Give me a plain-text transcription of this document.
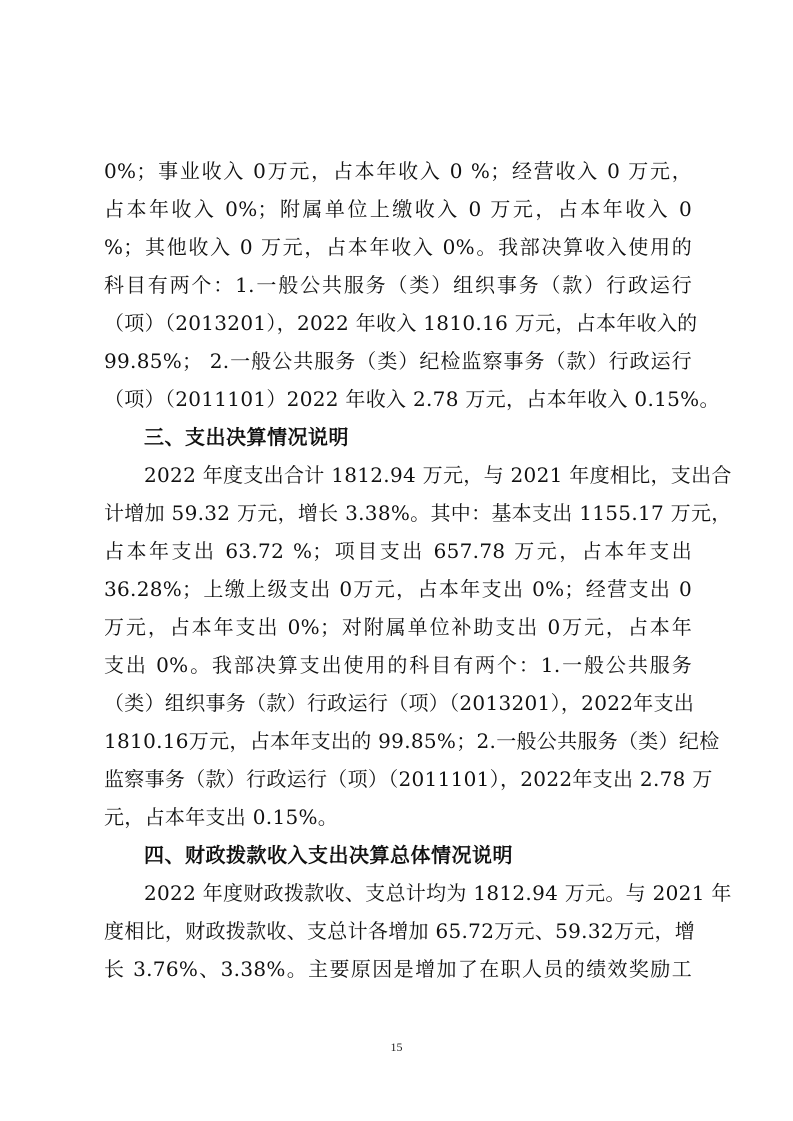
0%；事业收入 0万元，占本年收入 0 %；经营收入 0 万元，
占本年收入 0%；附属单位上缴收入 0 万元，占本年收入 0
%；其他收入 0 万元，占本年收入 0%。我部决算收入使用的
科目有两个：1.一般公共服务（类）组织事务（款）行政运行
（项）（2013201），2022 年收入 1810.16 万元，占本年收入的
99.85%； 2.一般公共服务（类）纪检监察事务（款）行政运行
（项）（2011101）2022 年收入 2.78 万元，占本年收入 0.15%。
三、支出决算情况说明
2022 年度支出合计 1812.94 万元，与 2021 年度相比，支出合
计增加 59.32 万元，增长 3.38%。其中：基本支出 1155.17 万元，
占本年支出 63.72 %；项目支出 657.78 万元，占本年支出
36.28%；上缴上级支出 0万元，占本年支出 0%；经营支出 0
万元，占本年支出 0%；对附属单位补助支出 0万元，占本年
支出 0%。我部决算支出使用的科目有两个：1.一般公共服务
（类）组织事务（款）行政运行（项）（2013201），2022年支出
1810.16万元，占本年支出的 99.85%；2.一般公共服务（类）纪检
监察事务（款）行政运行（项）（2011101），2022年支出 2.78 万
元，占本年支出 0.15%。
四、财政拨款收入支出决算总体情况说明
2022 年度财政拨款收、支总计均为 1812.94 万元。与 2021 年
度相比，财政拨款收、支总计各增加 65.72万元、59.32万元，增
长 3.76%、3.38%。主要原因是增加了在职人员的绩效奖励工
15
